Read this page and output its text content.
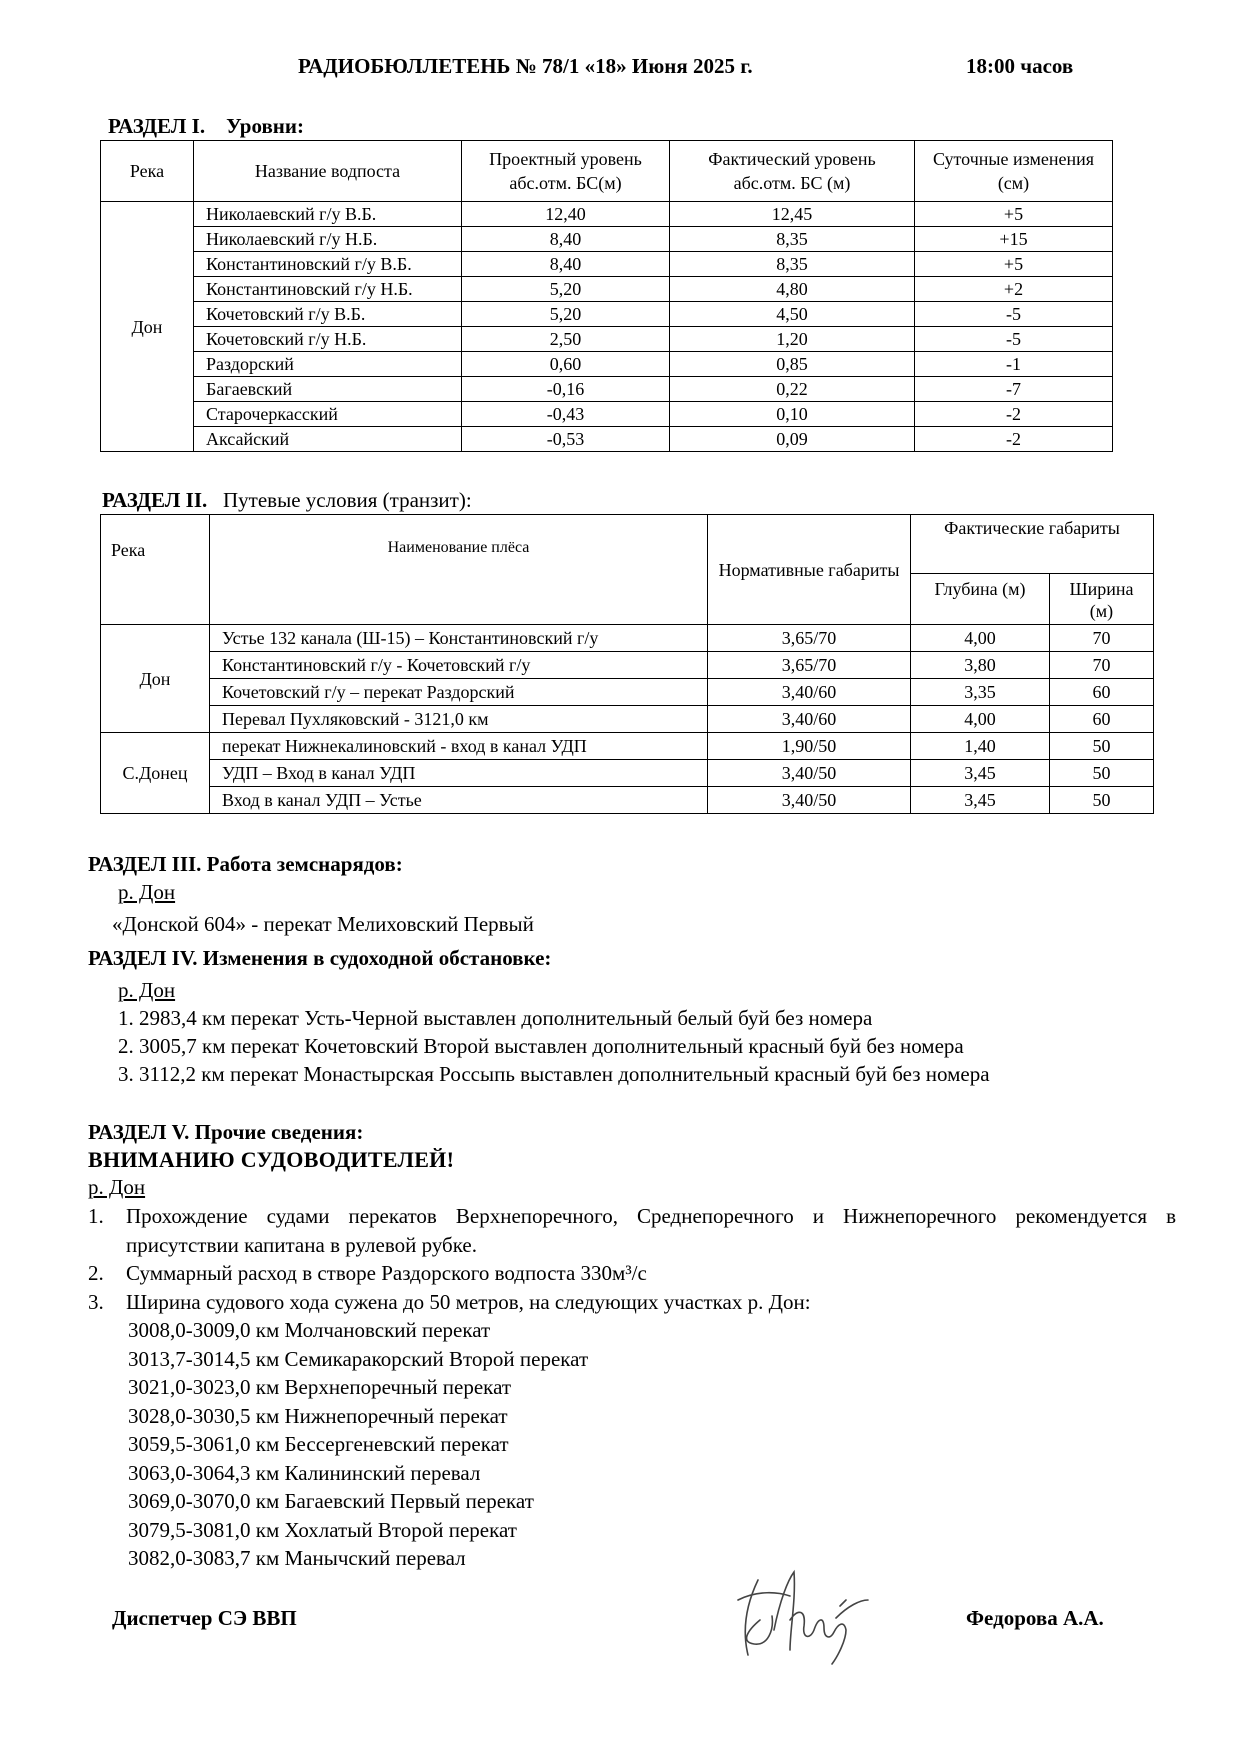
РАДИОБЮЛЛЕТЕНЬ № 78/1 «18» Июня 2025 г.	18:00 часов
РАЗДЕЛ I. Уровни:
Река	Название водпоста	Проектный уровень абс.отм. БС(м)	Фактический уровень абс.отм. БС (м)	Суточные изменения (см)
Дон	Николаевский г/у В.Б.	12,40	12,45	+5
	Николаевский г/у Н.Б.	8,40	8,35	+15
	Константиновский г/у В.Б.	8,40	8,35	+5
	Константиновский г/у Н.Б.	5,20	4,80	+2
	Кочетовский г/у В.Б.	5,20	4,50	-5
	Кочетовский г/у Н.Б.	2,50	1,20	-5
	Раздорский	0,60	0,85	-1
	Багаевский	-0,16	0,22	-7
	Старочеркасский	-0,43	0,10	-2
	Аксайский	-0,53	0,09	-2
РАЗДЕЛ II. Путевые условия (транзит):
Река	Наименование плёса	Нормативные габариты	Фактические габариты	
			Глубина (м)	Ширина (м)
Дон	Устье 132 канала (Ш-15) – Константиновский г/у	3,65/70	4,00	70
	Константиновский г/у - Кочетовский г/у	3,65/70	3,80	70
	Кочетовский г/у – перекат Раздорский	3,40/60	3,35	60
	Перевал Пухляковский - 3121,0 км	3,40/60	4,00	60
С.Донец	перекат Нижнекалиновский - вход в канал УДП	1,90/50	1,40	50
	УДП – Вход в канал УДП	3,40/50	3,45	50
	Вход в канал УДП – Устье	3,40/50	3,45	50
РАЗДЕЛ III. Работа земснарядов:
р. Дон
«Донской 604» - перекат Мелиховский Первый
РАЗДЕЛ IV. Изменения в судоходной обстановке:
р. Дон
1. 2983,4 км перекат Усть-Черной выставлен дополнительный белый буй без номера
2. 3005,7 км перекат Кочетовский Второй выставлен дополнительный красный буй без номера
3. 3112,2 км перекат Монастырская Россыпь выставлен дополнительный красный буй без номера
РАЗДЕЛ V. Прочие сведения:
ВНИМАНИЮ СУДОВОДИТЕЛЕЙ!
р. Дон
1.	Прохождение судами перекатов Верхнепоречного, Среднепоречного и Нижнепоречного рекомендуется в присутствии капитана в рулевой рубке.
2.	Суммарный расход в створе Раздорского водпоста 330м³/с
3.	Ширина судового хода сужена до 50 метров, на следующих участках р. Дон:
3008,0-3009,0 км Молчановский перекат
3013,7-3014,5 км Семикаракорский Второй перекат
3021,0-3023,0 км Верхнепоречный перекат
3028,0-3030,5 км Нижнепоречный перекат
3059,5-3061,0 км Бессергеневский перекат
3063,0-3064,3 км Калининский перевал
3069,0-3070,0 км Багаевский Первый перекат
3079,5-3081,0 км Хохлатый Второй перекат
3082,0-3083,7 км Манычский перевал
Диспетчер СЭ ВВП	Федорова А.А.
